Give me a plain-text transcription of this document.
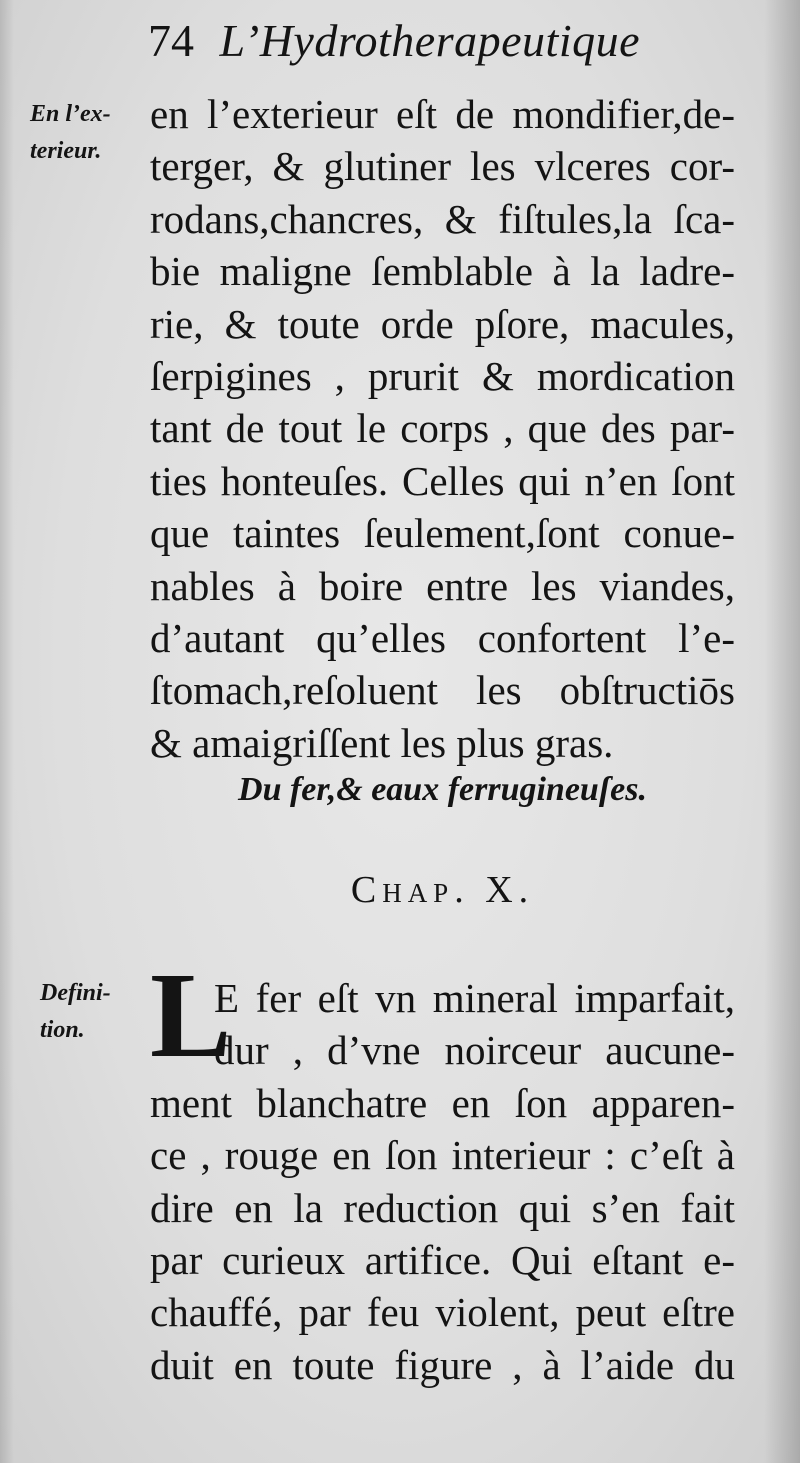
74 L’Hydrotherapeutique
En l’ex-
terieur.
en l’exterieur eſt de mondifier,de-
terger, & glutiner les vlceres cor-
rodans,chancres, & fiſtules,la ſca-
bie maligne ſemblable à la ladre-
rie, & toute orde pſore, macules,
ſerpigines , prurit & mordication
tant de tout le corps , que des par-
ties honteuſes. Celles qui n’en ſont
que taintes ſeulement,ſont conue-
nables à boire entre les viandes,
d’autant qu’elles confortent l’e-
ſtomach,reſoluent les obſtructiōs
& amaigriſſent les plus gras.
Du fer,& eaux ferrugineuſes.
Chap. X.
Defini-
tion. L
E fer eſt vn mineral imparfait,
dur , d’vne noirceur aucune-
ment blanchatre en ſon apparen-
ce , rouge en ſon interieur : c’eſt à
dire en la reduction qui s’en fait
par curieux artifice. Qui eſtant e-
chauffé, par feu violent, peut eſtre
duit en toute figure , à l’aide du
